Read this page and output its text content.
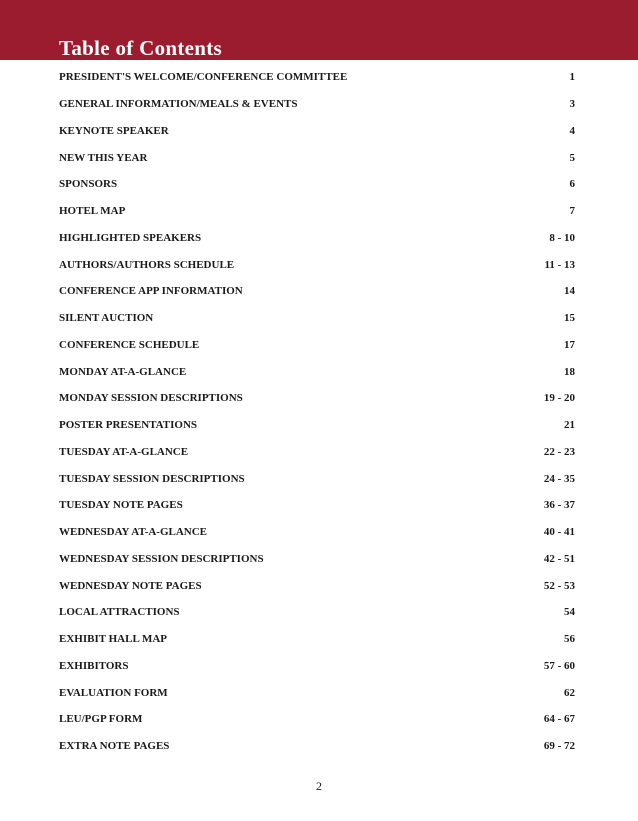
Table of Contents
PRESIDENT'S WELCOME/CONFERENCE COMMITTEE	1
GENERAL INFORMATION/MEALS & EVENTS	3
KEYNOTE SPEAKER	4
NEW THIS YEAR	5
SPONSORS	6
HOTEL MAP	7
HIGHLIGHTED SPEAKERS	8 - 10
AUTHORS/AUTHORS SCHEDULE	11 - 13
CONFERENCE APP INFORMATION	14
SILENT AUCTION	15
CONFERENCE SCHEDULE	17
MONDAY AT-A-GLANCE	18
MONDAY SESSION DESCRIPTIONS	19 - 20
POSTER PRESENTATIONS	21
TUESDAY AT-A-GLANCE	22 - 23
TUESDAY SESSION DESCRIPTIONS	24 - 35
TUESDAY NOTE PAGES	36 - 37
WEDNESDAY AT-A-GLANCE	40 - 41
WEDNESDAY SESSION DESCRIPTIONS	42 - 51
WEDNESDAY NOTE PAGES	52 - 53
LOCAL ATTRACTIONS	54
EXHIBIT HALL MAP	56
EXHIBITORS	57 - 60
EVALUATION FORM	62
LEU/PGP FORM	64 - 67
EXTRA NOTE PAGES	69 - 72
2
